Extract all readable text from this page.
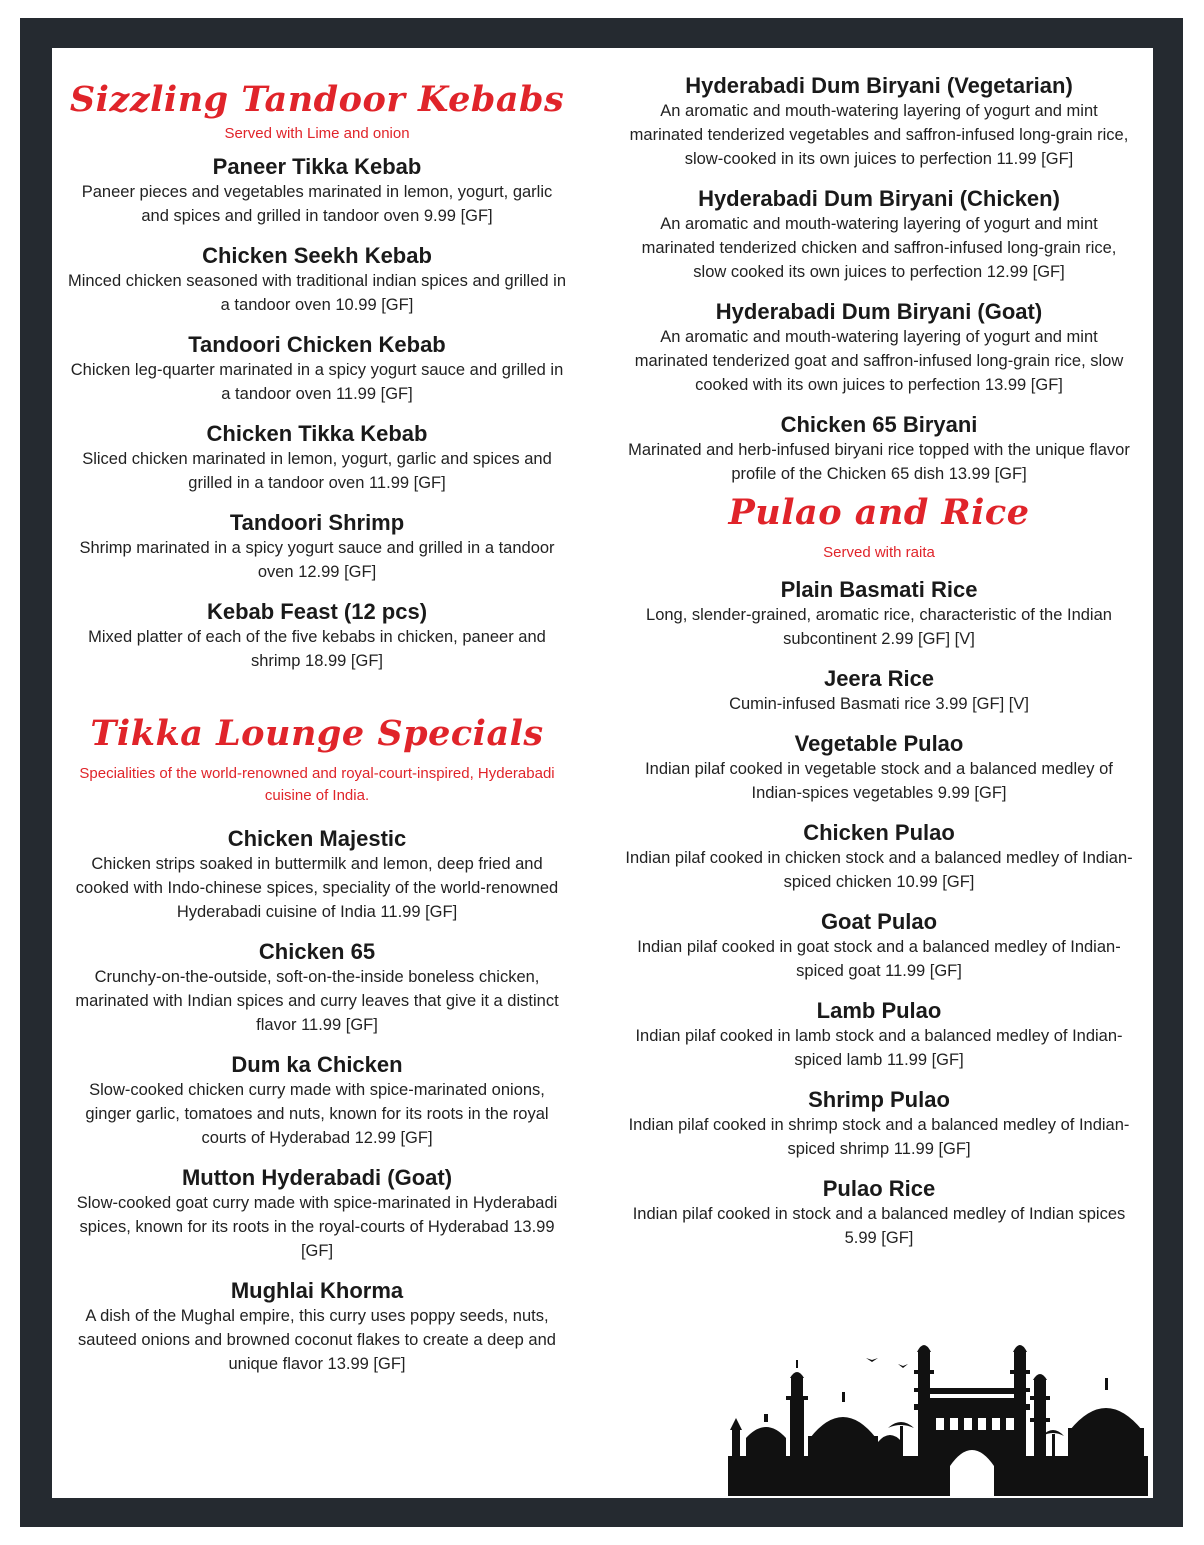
Sizzling Tandoor Kebabs

Served with Lime and onion

Paneer Tikka Kebab

Paneer pieces and vegetables marinated in lemon, yogurt, garlic and spices and grilled in tandoor oven 9.99 [GF]

Chicken Seekh Kebab

Minced chicken seasoned with traditional indian spices and grilled in a tandoor oven 10.99 [GF]

Tandoori Chicken Kebab

Chicken leg-quarter marinated in a spicy yogurt sauce and grilled in a tandoor oven 11.99 [GF]

Chicken Tikka Kebab

Sliced chicken marinated in lemon, yogurt, garlic and spices and grilled in a tandoor oven 11.99 [GF]

Tandoori Shrimp

Shrimp marinated in a spicy yogurt sauce and grilled in a tandoor oven 12.99 [GF]

Kebab Feast (12 pcs)

Mixed platter of each of the five kebabs in chicken, paneer and shrimp 18.99 [GF]

Tikka Lounge Specials

Specialities of the world-renowned and royal-court-inspired, Hyderabadi cuisine of India.

Chicken Majestic

Chicken strips soaked in buttermilk and lemon, deep fried and cooked with Indo-chinese spices, speciality of the world-renowned Hyderabadi cuisine of India 11.99 [GF]

Chicken 65

Crunchy-on-the-outside, soft-on-the-inside boneless chicken, marinated with Indian spices and curry leaves that give it a distinct flavor 11.99 [GF]

Dum ka Chicken

Slow-cooked chicken curry made with spice-marinated onions, ginger garlic, tomatoes and nuts, known for its roots in the royal courts of Hyderabad 12.99 [GF]

Mutton Hyderabadi (Goat)

Slow-cooked goat curry made with spice-marinated in Hyderabadi spices, known for its roots in the royal-courts of Hyderabad 13.99 [GF]

Mughlai Khorma

A dish of the Mughal empire, this curry uses poppy seeds, nuts, sauteed onions and browned coconut flakes to create a deep and unique flavor 13.99 [GF]

Hyderabadi Dum Biryani (Vegetarian)

An aromatic and mouth-watering layering of yogurt and mint marinated tenderized vegetables and saffron-infused long-grain rice, slow-cooked in its own juices to perfection 11.99 [GF]

Hyderabadi Dum Biryani (Chicken)

An aromatic and mouth-watering layering of yogurt and mint marinated tenderized chicken and saffron-infused long-grain rice, slow cooked its own juices to perfection 12.99 [GF]

Hyderabadi Dum Biryani (Goat)

An aromatic and mouth-watering layering of yogurt and mint marinated tenderized goat and saffron-infused long-grain rice, slow cooked with its own juices to perfection 13.99 [GF]

Chicken 65 Biryani

Marinated and herb-infused biryani rice topped with the unique flavor profile of the Chicken 65 dish 13.99 [GF]

Pulao and Rice

Served with raita

Plain Basmati Rice

Long, slender-grained, aromatic rice, characteristic of the Indian subcontinent 2.99 [GF] [V]

Jeera Rice

Cumin-infused Basmati rice 3.99 [GF] [V]

Vegetable Pulao

Indian pilaf cooked in vegetable stock and a balanced medley of Indian-spices vegetables 9.99 [GF]

Chicken Pulao

Indian pilaf cooked in chicken stock and a balanced medley of Indian-spiced chicken 10.99 [GF]

Goat Pulao

Indian pilaf cooked in goat stock and a balanced medley of Indian-spiced goat 11.99 [GF]

Lamb Pulao

Indian pilaf cooked in lamb stock and a balanced medley of Indian-spiced lamb 11.99 [GF]

Shrimp Pulao

Indian pilaf cooked in shrimp stock and a balanced medley of Indian-spiced shrimp 11.99 [GF]

Pulao Rice

Indian pilaf cooked in stock and a balanced medley of Indian spices 5.99 [GF]
